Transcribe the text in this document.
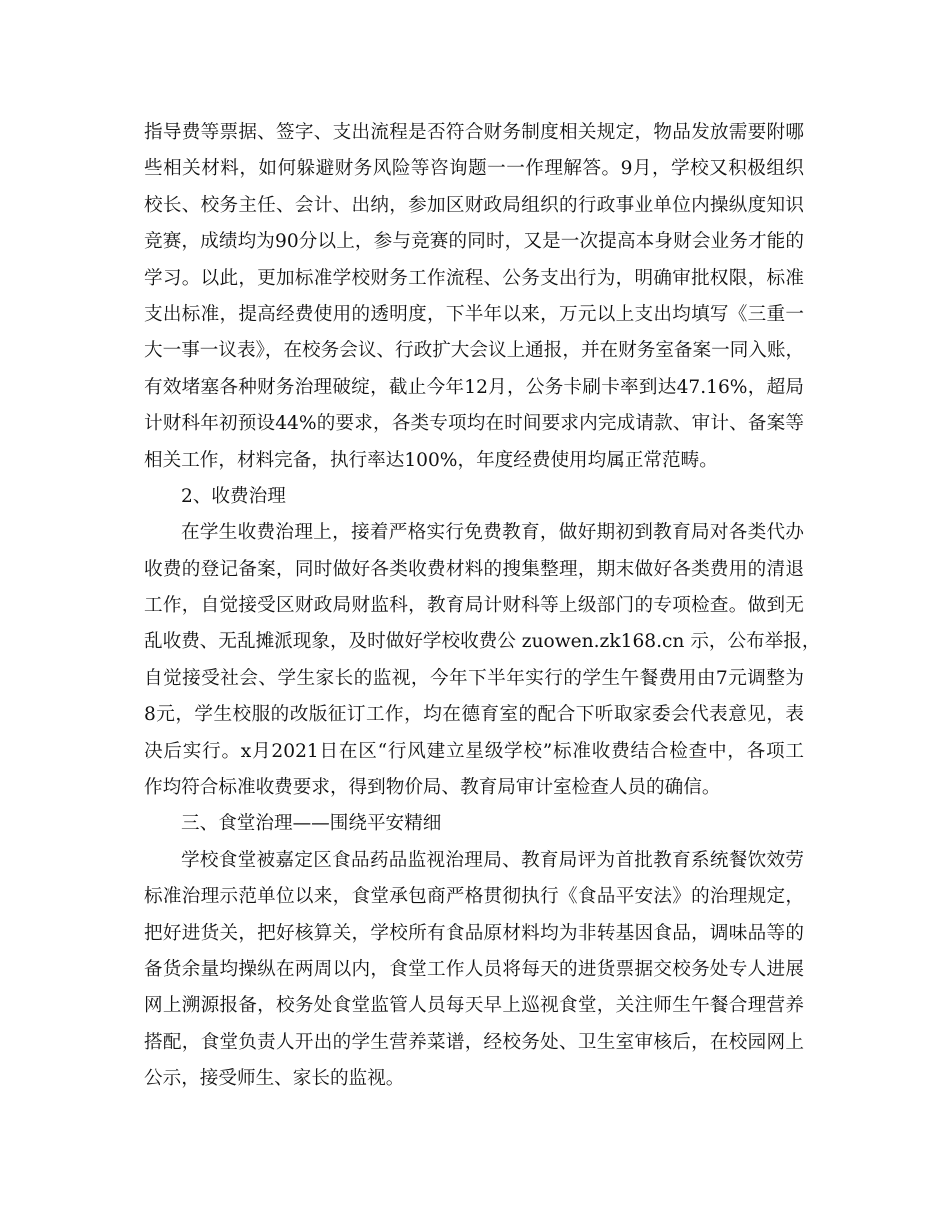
指导费等票据、签字、支出流程是否符合财务制度相关规定，物品发放需要附哪
些相关材料，如何躲避财务风险等咨询题一一作理解答。9月，学校又积极组织
校长、校务主任、会计、出纳，参加区财政局组织的行政事业单位内操纵度知识
竞赛，成绩均为90分以上，参与竞赛的同时，又是一次提高本身财会业务才能的
学习。以此，更加标准学校财务工作流程、公务支出行为，明确审批权限，标准
支出标准，提高经费使用的透明度，下半年以来，万元以上支出均填写《三重一
大一事一议表》，在校务会议、行政扩大会议上通报，并在财务室备案一同入账，
有效堵塞各种财务治理破绽，截止今年12月，公务卡刷卡率到达47.16%，超局
计财科年初预设44%的要求，各类专项均在时间要求内完成请款、审计、备案等
相关工作，材料完备，执行率达100%，年度经费使用均属正常范畴。
2、收费治理
在学生收费治理上，接着严格实行免费教育，做好期初到教育局对各类代办
收费的登记备案，同时做好各类收费材料的搜集整理，期末做好各类费用的清退
工作，自觉接受区财政局财监科，教育局计财科等上级部门的专项检查。做到无
乱收费、无乱摊派现象，及时做好学校收费公 zuowen.zk168.cn 示，公布举报，
自觉接受社会、学生家长的监视，今年下半年实行的学生午餐费用由7元调整为
8元，学生校服的改版征订工作，均在德育室的配合下听取家委会代表意见，表
决后实行。x月2021日在区“行风建立星级学校”标准收费结合检查中，各项工
作均符合标准收费要求，得到物价局、教育局审计室检查人员的确信。
三、食堂治理——围绕平安精细
学校食堂被嘉定区食品药品监视治理局、教育局评为首批教育系统餐饮效劳
标准治理示范单位以来，食堂承包商严格贯彻执行《食品平安法》的治理规定，
把好进货关，把好核算关，学校所有食品原材料均为非转基因食品，调味品等的
备货余量均操纵在两周以内，食堂工作人员将每天的进货票据交校务处专人进展
网上溯源报备，校务处食堂监管人员每天早上巡视食堂，关注师生午餐合理营养
搭配，食堂负责人开出的学生营养菜谱，经校务处、卫生室审核后，在校园网上
公示，接受师生、家长的监视。
